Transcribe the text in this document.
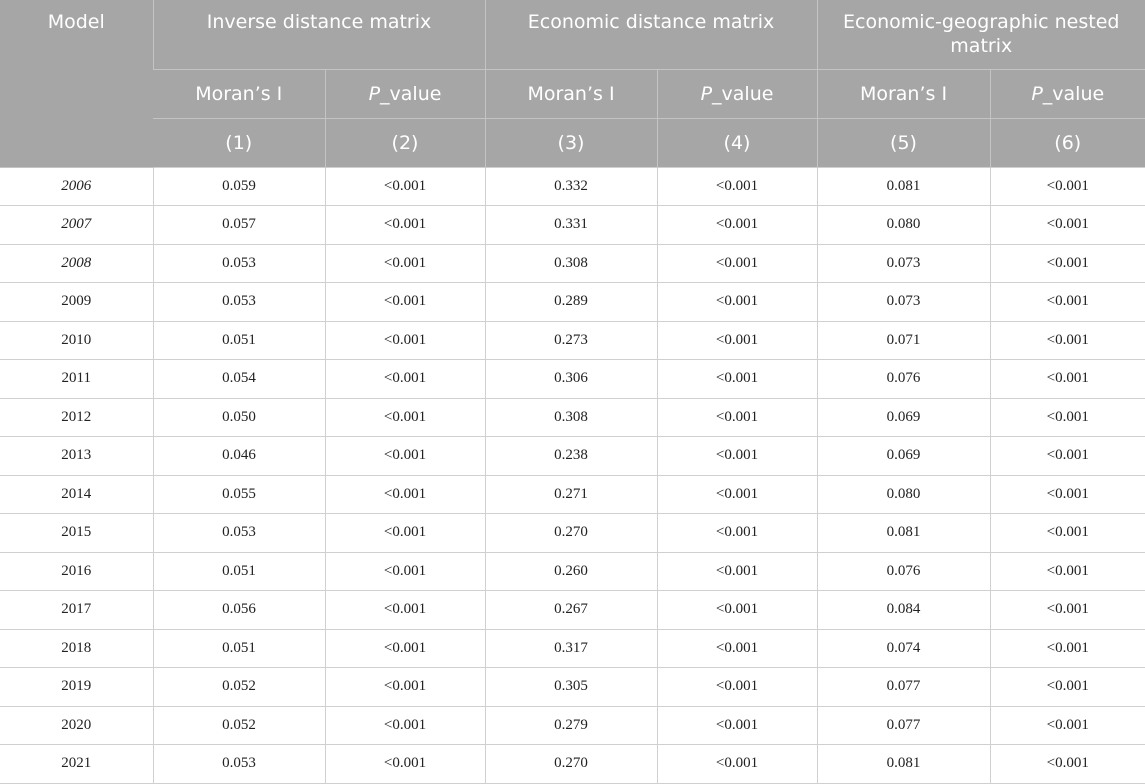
Model	Inverse distance matrix		Economic distance matrix		Economic-geographic nested matrix	
	Moran’s I	P_value	Moran’s I	P_value	Moran’s I	P_value
	(1)	(2)	(3)	(4)	(5)	(6)
2006	0.059	<0.001	0.332	<0.001	0.081	<0.001
2007	0.057	<0.001	0.331	<0.001	0.080	<0.001
2008	0.053	<0.001	0.308	<0.001	0.073	<0.001
2009	0.053	<0.001	0.289	<0.001	0.073	<0.001
2010	0.051	<0.001	0.273	<0.001	0.071	<0.001
2011	0.054	<0.001	0.306	<0.001	0.076	<0.001
2012	0.050	<0.001	0.308	<0.001	0.069	<0.001
2013	0.046	<0.001	0.238	<0.001	0.069	<0.001
2014	0.055	<0.001	0.271	<0.001	0.080	<0.001
2015	0.053	<0.001	0.270	<0.001	0.081	<0.001
2016	0.051	<0.001	0.260	<0.001	0.076	<0.001
2017	0.056	<0.001	0.267	<0.001	0.084	<0.001
2018	0.051	<0.001	0.317	<0.001	0.074	<0.001
2019	0.052	<0.001	0.305	<0.001	0.077	<0.001
2020	0.052	<0.001	0.279	<0.001	0.077	<0.001
2021	0.053	<0.001	0.270	<0.001	0.081	<0.001
